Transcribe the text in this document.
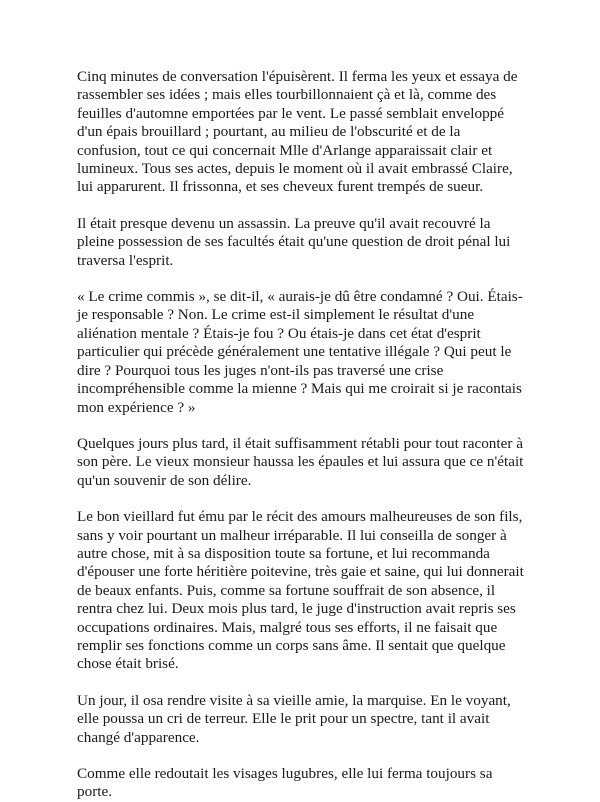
Cinq minutes de conversation l'épuisèrent. Il ferma les yeux et essaya de rassembler ses idées ; mais elles tourbillonnaient çà et là, comme des feuilles d'automne emportées par le vent. Le passé semblait enveloppé d'un épais brouillard ; pourtant, au milieu de l'obscurité et de la confusion, tout ce qui concernait Mlle d'Arlange apparaissait clair et lumineux. Tous ses actes, depuis le moment où il avait embrassé Claire, lui apparurent. Il frissonna, et ses cheveux furent trempés de sueur.

Il était presque devenu un assassin. La preuve qu'il avait recouvré la pleine possession de ses facultés était qu'une question de droit pénal lui traversa l'esprit.

« Le crime commis », se dit-il, « aurais-je dû être condamné ? Oui. Étais-je responsable ? Non. Le crime est-il simplement le résultat d'une aliénation mentale ? Étais-je fou ? Ou étais-je dans cet état d'esprit particulier qui précède généralement une tentative illégale ? Qui peut le dire ? Pourquoi tous les juges n'ont-ils pas traversé une crise incompréhensible comme la mienne ? Mais qui me croirait si je racontais mon expérience ? »

Quelques jours plus tard, il était suffisamment rétabli pour tout raconter à son père. Le vieux monsieur haussa les épaules et lui assura que ce n'était qu'un souvenir de son délire.

Le bon vieillard fut ému par le récit des amours malheureuses de son fils, sans y voir pourtant un malheur irréparable. Il lui conseilla de songer à autre chose, mit à sa disposition toute sa fortune, et lui recommanda d'épouser une forte héritière poitevine, très gaie et saine, qui lui donnerait de beaux enfants. Puis, comme sa fortune souffrait de son absence, il rentra chez lui. Deux mois plus tard, le juge d'instruction avait repris ses occupations ordinaires. Mais, malgré tous ses efforts, il ne faisait que remplir ses fonctions comme un corps sans âme. Il sentait que quelque chose était brisé.

Un jour, il osa rendre visite à sa vieille amie, la marquise. En le voyant, elle poussa un cri de terreur. Elle le prit pour un spectre, tant il avait changé d'apparence.

Comme elle redoutait les visages lugubres, elle lui ferma toujours sa porte.
